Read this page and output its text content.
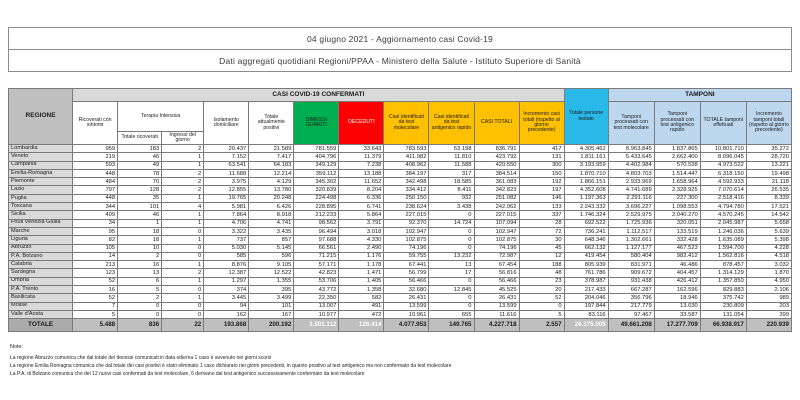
04 giugno 2021 - Aggiornamento casi Covid-19
Dati aggregati quotidiani Regioni/PPAA - Ministero della Salute - Istituto Superiore di Sanità
REGIONE	CASI COVID-19 CONFERMATI											Totale persone testate	TAMPONI			
	Ricoverati con sintomi	Terapia Intensiva		Isolamento domiciliare	Totale attualmente positivi	DIMESSI GUARITI	DECEDUTI	Casi identificati da test molecolare	Casi identificati da test antigenico rapido	CASI TOTALI	Incremento casi totali (rispetto al giorno precedente)		Tamponi processati con test molecolare	Tamponi processati con test antigenico rapido	TOTALE tamponi effettuati	Incremento tamponi totali (rispetto al giorno precedente)
		Totale ricoverati	Ingressi del giorno													
Lombardia	959	183	2	20.437	21.589	781.559	33.643	783.593	53.198	836.791	417	4.305.462	8.963.845	1.837.865	10.801.710	35.272
Veneto	219	46	1	7.152	7.417	404.796	11.379	411.982	11.810	423.792	131	1.811.161	5.433.645	2.662.400	8.096.045	28.720
Campania	593	49	1	63.541	64.183	349.129	7.238	408.962	11.588	420.550	300	3.193.959	4.402.984	570.538	4.973.522	13.221
Emilia-Romagna	448	78	2	11.688	12.214	359.112	13.188	384.197	317	384.514	150	1.870.710	4.803.703	1.514.447	6.318.150	19.498
Piemonte	484	70	2	3.975	4.129	345.302	11.652	342.498	18.585	361.083	192	1.866.151	2.933.969	1.658.964	4.592.933	21.118
Lazio	797	128	2	12.855	13.780	320.839	8.204	334.412	8.411	342.823	197	4.352.608	4.741.689	2.328.925	7.070.614	26.535
Puglia	448	35	1	19.765	20.248	224.498	6.336	250.150	932	251.082	146	1.197.363	2.291.116	227.300	2.518.416	8.339
Toscana	344	101	4	5.981	6.426	228.895	6.741	238.624	3.438	242.062	133	2.243.332	3.696.227	1.098.553	4.794.780	17.521
Sicilia	409	46	1	7.864	8.918	212.233	5.864	227.015	0	227.015	337	1.746.324	2.529.975	2.040.270	4.570.245	14.542
Friuli Venezia Giulia	34	1	1	4.706	4.741	98.562	3.791	92.370	14.724	107.094	28	692.522	1.725.936	320.051	2.045.987	5.658
Marche	95	18	0	3.322	3.435	96.494	3.018	102.947	0	102.947	72	736.241	1.112.517	133.519	1.246.036	5.639
Liguria	82	18	1	737	857	97.688	4.330	102.875	0	102.875	30	648.346	1.302.661	332.428	1.635.089	5.398
Abruzzo	105	10	0	5.030	5.145	66.561	2.490	74.196	0	74.196	45	662.132	1.127.177	467.523	1.594.700	4.228
P.A. Bolzano	14	2	0	585	596	71.215	1.176	59.755	13.232	72.987	12	419.454	580.404	982.412	1.562.816	4.518
Calabria	213	16	1	8.876	9.105	57.171	1.178	67.441	13	67.454	188	805.939	831.971	46.486	878.457	3.032
Sardegna	123	13	2	12.387	12.522	42.823	1.471	56.799	17	56.816	48	761.786	909.672	404.457	1.314.129	1.870
Umbria	52	6	1	1.297	1.355	53.706	1.405	56.466	0	56.466	23	378.987	931.438	426.412	1.357.850	4.950
P.A. Trento	16	5	0	374	395	43.772	1.358	32.680	12.845	45.525	20	217.433	667.287	162.596	829.883	2.106
Basilicata	52	2	1	3.445	3.499	22.350	582	26.431	0	26.431	52	204.046	356.796	18.946	375.742	989
Molise	7	0	0	94	101	13.007	491	13.599	0	13.599	0	197.844	217.779	13.030	230.809	203
Valle d'Aosta	5	0	0	162	167	10.977	472	10.961	655	11.616	5	83.116	97.467	33.587	131.054	399
TOTALE	5.488	836	22	193.868	200.192	3.901.112	126.414	4.077.953	149.765	4.227.718	2.557	26.375.005	49.661.208	17.277.709	66.938.917	220.939
Note:
La regione Abruzzo comunica che dal totale dei decessi comunicati in data odierna 1 caso è avvenuto nei giorni scorsi
La regione Emilia Romagna comunica che dal totale dei casi positivi è stato eliminato 1 caso dichiarato nei giorni precedenti, in quanto positivo al test antigenico ma non confermato da test molecolare
La P.A. di Bolzano comunica che dei 12 nuovi casi confermati da test molecolare, 6 derivano dal test antigenico successivamente confermato da test molecolare
